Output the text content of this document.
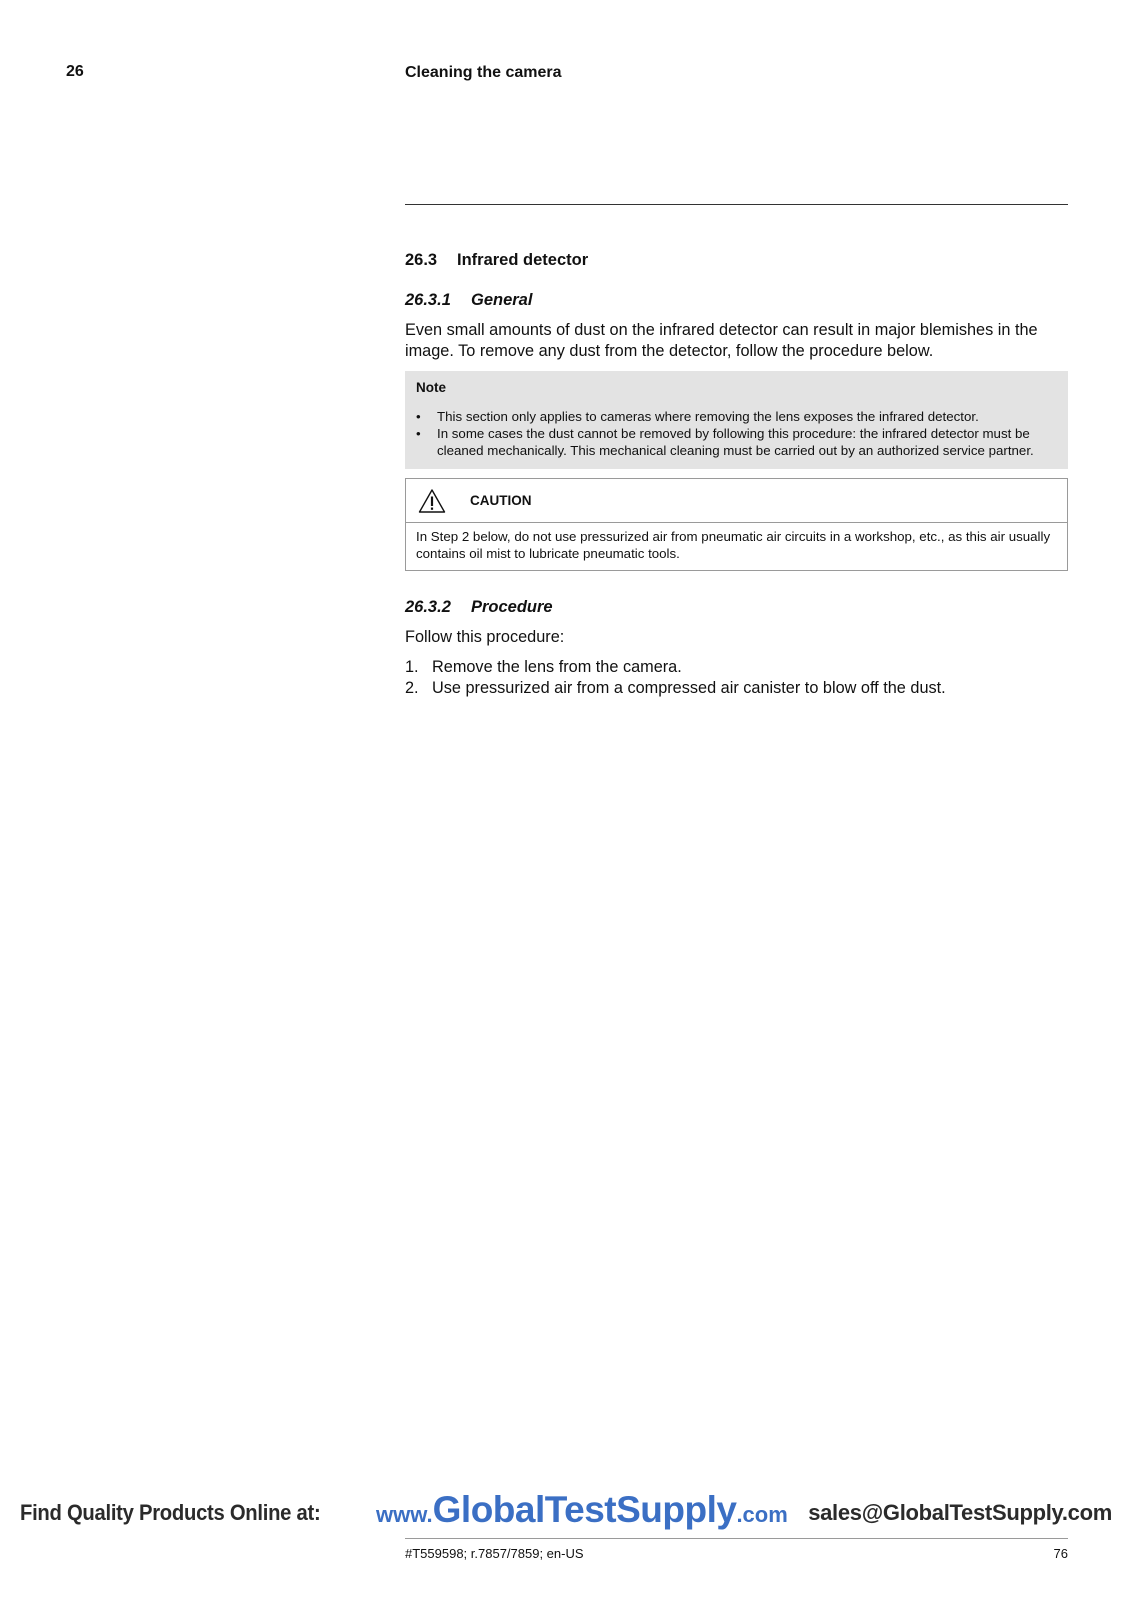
26	Cleaning the camera
26.3 Infrared detector
26.3.1 General

Even small amounts of dust on the infrared detector can result in major blemishes in the image. To remove any dust from the detector, follow the procedure below.

Note
• This section only applies to cameras where removing the lens exposes the infrared detector.
• In some cases the dust cannot be removed by following this procedure: the infrared detector must be cleaned mechanically. This mechanical cleaning must be carried out by an authorized service partner.
CAUTION
In Step 2 below, do not use pressurized air from pneumatic air circuits in a workshop, etc., as this air usually contains oil mist to lubricate pneumatic tools.
26.3.2 Procedure

Follow this procedure:

1. Remove the lens from the camera.
2. Use pressurized air from a compressed air canister to blow off the dust.
Find Quality Products Online at:	www.GlobalTestSupply.com sales@GlobalTestSupply.com
#T559598; r.7857/7859; en-US	76
